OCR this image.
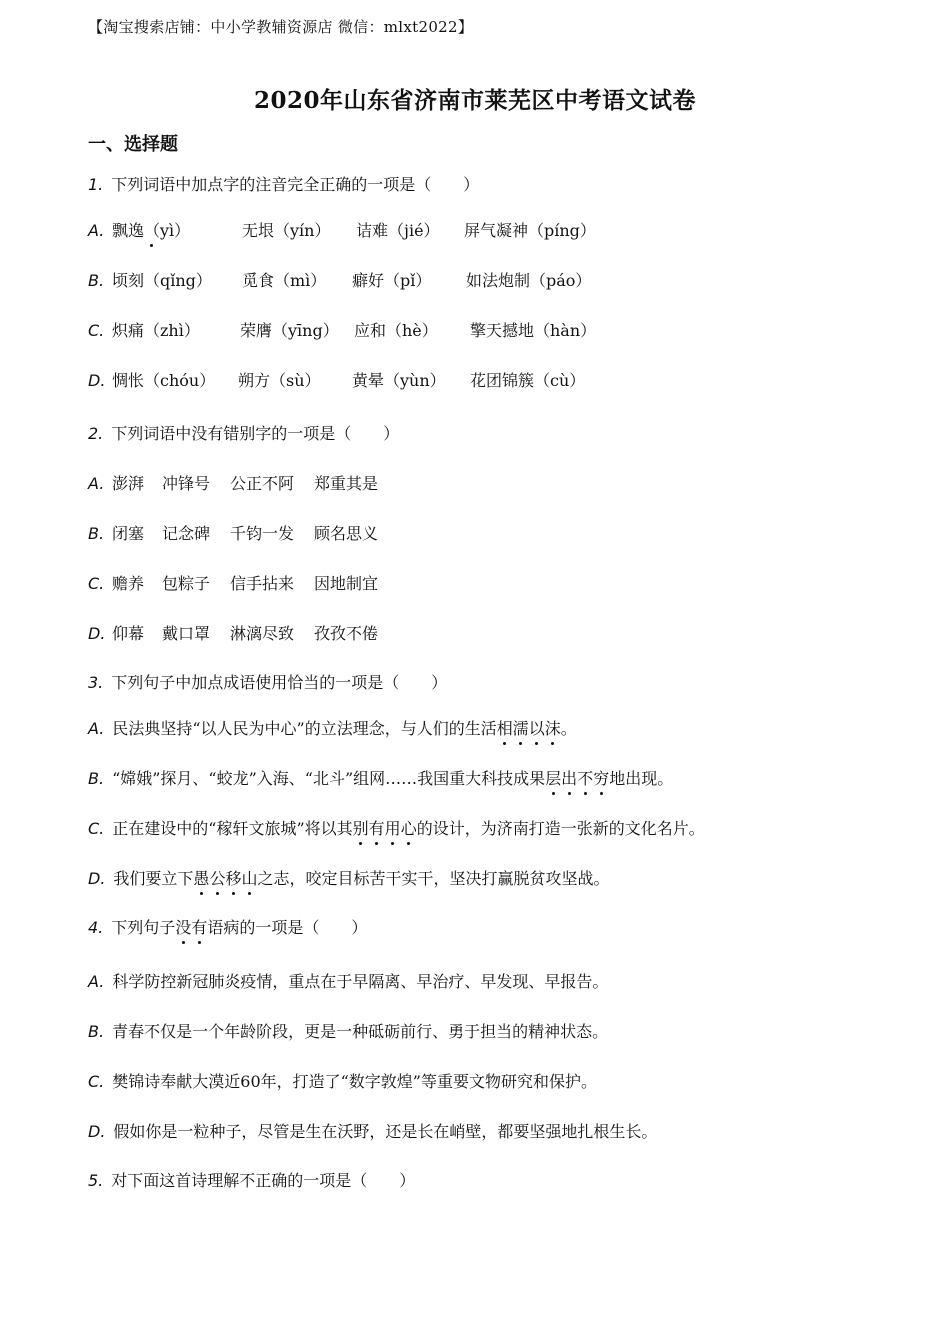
【淘宝搜索店铺：中小学教辅资源店 微信：mlxt2022】
2020年山东省济南市莱芜区中考语文试卷
一、选择题
1. 下列词语中加点字的注音完全正确的一项是（　　）
A. 飘逸（yì）	无垠（yín） 诘难（jié） 屏气凝神（píng）
B. 顷刻（qǐng） 觅食（mì） 癖好（pǐ） 如法炮制（páo）
C. 炽痛（zhì）	荣膺（yīng） 应和（hè） 擎天撼地（hàn）
D. 惆怅（chóu） 朔方（sù） 黄晕（yùn） 花团锦簇（cù）
2. 下列词语中没有错别字的一项是（　　）
A. 澎湃 冲锋号 公正不阿 郑重其是
B. 闭塞 记念碑 千钧一发 顾名思义
C. 赡养 包粽子 信手拈来 因地制宜
D. 仰幕 戴口罩 淋漓尽致 孜孜不倦
3. 下列句子中加点成语使用恰当的一项是（　　）
A. 民法典坚持“以人民为中心”的立法理念，与人们的生活相濡以沫。
B. “嫦娥”探月、“蛟龙”入海、“北斗”组网……我国重大科技成果层出不穷地出现。
C. 正在建设中的“稼轩文旅城”将以其别有用心的设计，为济南打造一张新的文化名片。
D. 我们要立下愚公移山之志，咬定目标苦干实干，坚决打赢脱贫攻坚战。
4. 下列句子没有语病的一项是（　　）
A. 科学防控新冠肺炎疫情，重点在于早隔离、早治疗、早发现、早报告。
B. 青春不仅是一个年龄阶段，更是一种砥砺前行、勇于担当的精神状态。
C. 樊锦诗奉献大漠近60年，打造了“数字敦煌”等重要文物研究和保护。
D. 假如你是一粒种子，尽管是生在沃野，还是长在峭壁，都要坚强地扎根生长。
5. 对下面这首诗理解不正确的一项是（　　）
